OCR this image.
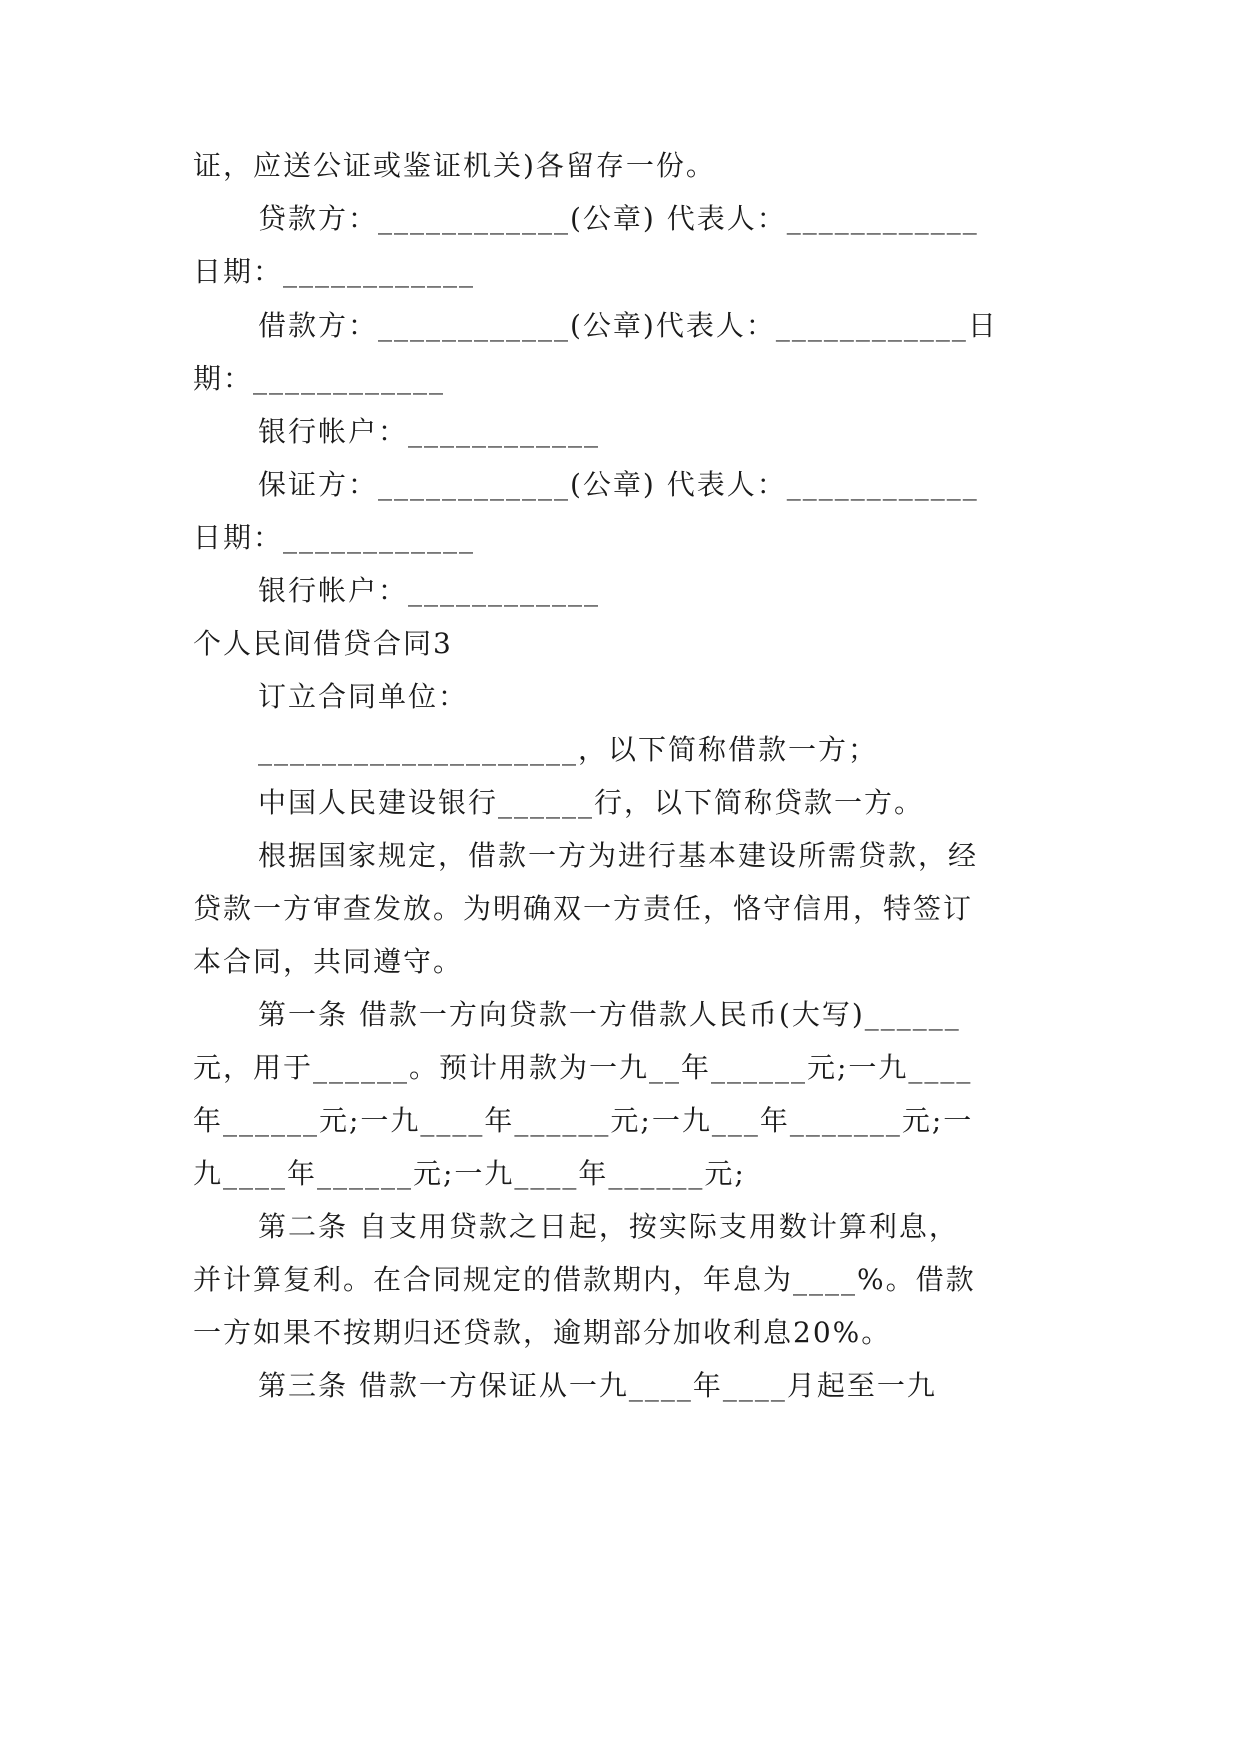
证，应送公证或鉴证机关)各留存一份。
贷款方：____________(公章) 代表人：____________
日期：____________
借款方：____________(公章)代表人：____________日
期：____________
银行帐户：____________
保证方：____________(公章) 代表人：____________
日期：____________
银行帐户：____________
个人民间借贷合同3
订立合同单位：
____________________，以下简称借款一方；
中国人民建设银行______行，以下简称贷款一方。
根据国家规定，借款一方为进行基本建设所需贷款，经
贷款一方审查发放。为明确双一方责任，恪守信用，特签订
本合同，共同遵守。
第一条 借款一方向贷款一方借款人民币(大写)______
元，用于______。预计用款为一九__年______元;一九____
年______元;一九____年______元;一九___年_______元;一
九____年______元;一九____年______元;
第二条 自支用贷款之日起，按实际支用数计算利息，
并计算复利。在合同规定的借款期内，年息为____%。借款
一方如果不按期归还贷款，逾期部分加收利息20%。
第三条 借款一方保证从一九____年____月起至一九
